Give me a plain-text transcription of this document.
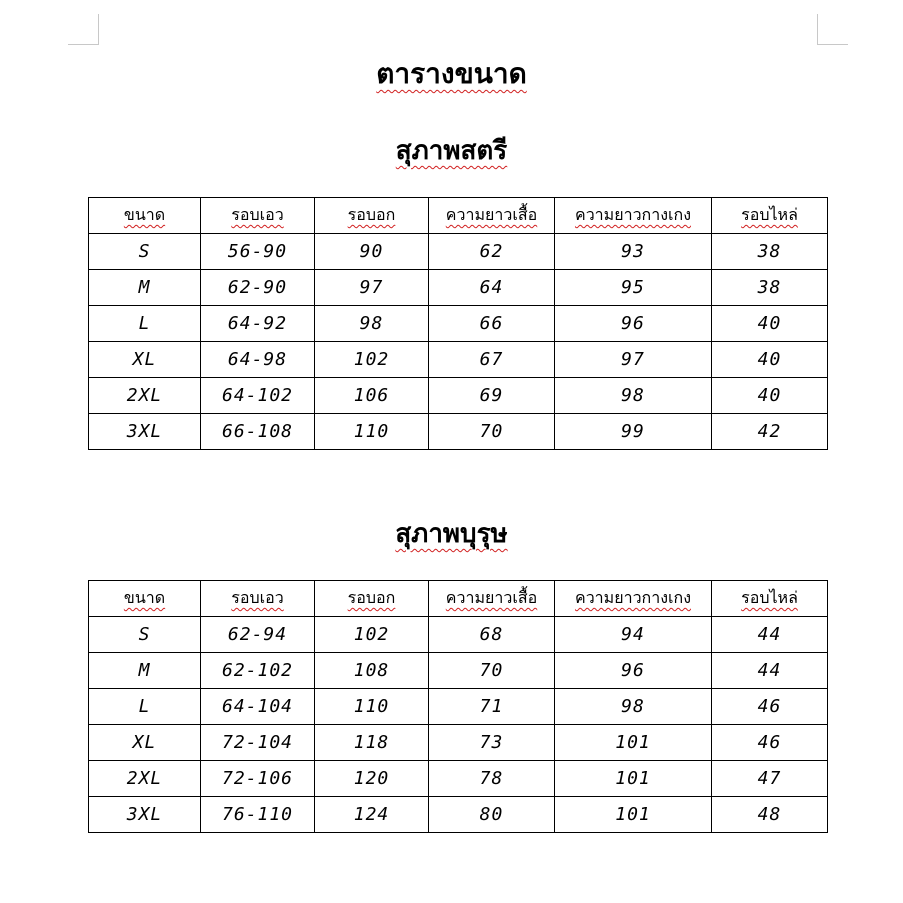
ตารางขนาด
สุภาพสตรี
ขนาด	รอบเอว	รอบอก	ความยาวเสื้อ	ความยาวกางเกง	รอบไหล่
S	56-90	90	62	93	38
M	62-90	97	64	95	38
L	64-92	98	66	96	40
XL	64-98	102	67	97	40
2XL	64-102	106	69	98	40
3XL	66-108	110	70	99	42
สุภาพบุรุษ
ขนาด	รอบเอว	รอบอก	ความยาวเสื้อ	ความยาวกางเกง	รอบไหล่
S	62-94	102	68	94	44
M	62-102	108	70	96	44
L	64-104	110	71	98	46
XL	72-104	118	73	101	46
2XL	72-106	120	78	101	47
3XL	76-110	124	80	101	48
